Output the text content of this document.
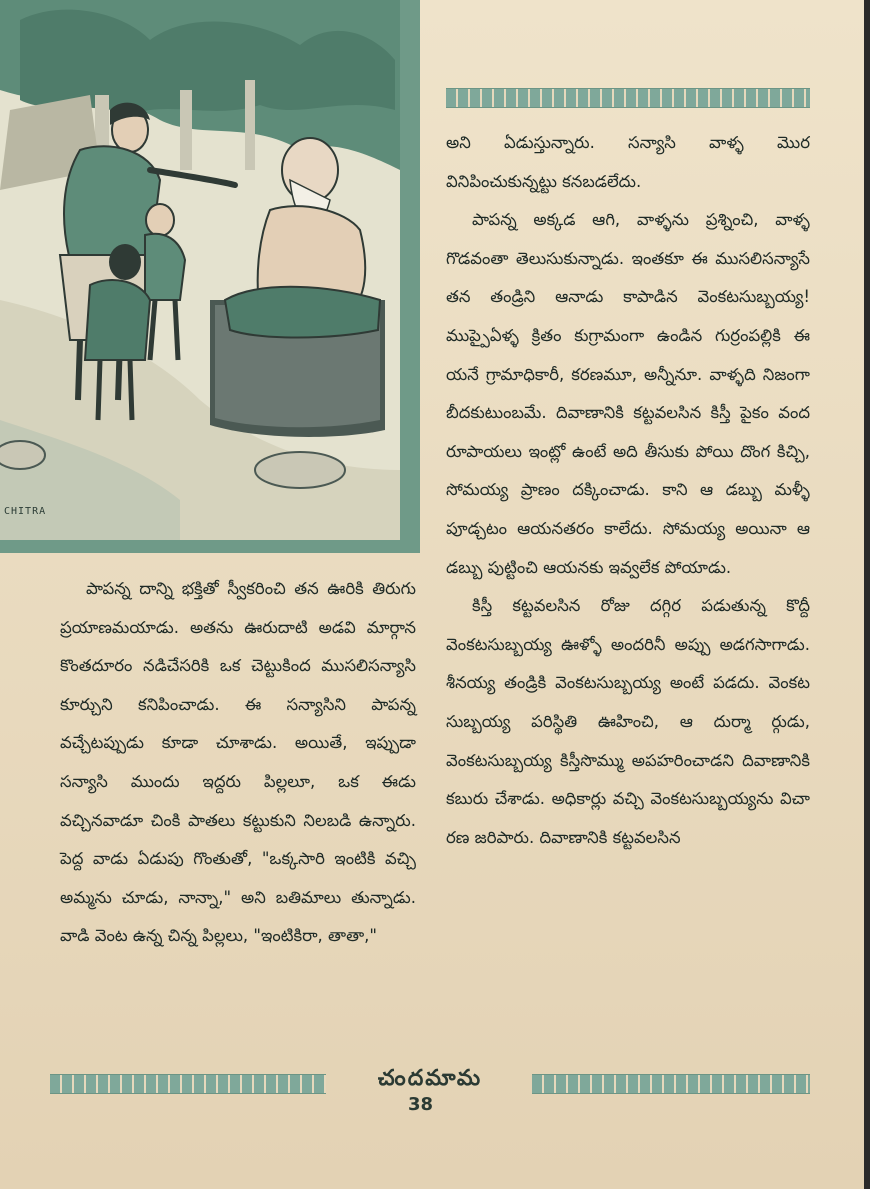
CHITRA

అని ఏడుస్తున్నారు. సన్యాసి వాళ్ళ మొర వినిపించుకున్నట్టు కనబడలేదు.

పాపన్న అక్కడ ఆగి, వాళ్ళను ప్రశ్నించి, వాళ్ళ గొడవంతా తెలుసుకున్నాడు. ఇంతకూ ఈ ముసలిసన్యాసే తన తండ్రిని ఆనాడు కాపాడిన వెంకటసుబ్బయ్య! ముప్పైఏళ్ళ క్రితం కుగ్రామంగా ఉండిన గుర్రంపల్లికి ఈ యనే గ్రామాధికారీ, కరణమూ, అన్నీనూ. వాళ్ళది నిజంగా బీదకుటుంబమే. దివాణానికి కట్టవలసిన కిస్తీ పైకం వంద రూపాయలు ఇంట్లో ఉంటే అది తీసుకు పోయి దొంగ కిచ్చి, సోమయ్య ప్రాణం దక్కించాడు. కాని ఆ డబ్బు మళ్ళీ పూడ్చటం ఆయనతరం కాలేదు. సోమయ్య అయినా ఆ డబ్బు పుట్టించి ఆయనకు ఇవ్వలేక పోయాడు.

కిస్తీ కట్టవలసిన రోజు దగ్గిర పడుతున్న కొద్దీ వెంకటసుబ్బయ్య ఊళ్ళో అందరినీ అప్పు అడగసాగాడు. శీనయ్య తండ్రికి వెంకటసుబ్బయ్య అంటే పడదు. వెంకట సుబ్బయ్య పరిస్థితి ఊహించి, ఆ దుర్మా ర్గుడు, వెంకటసుబ్బయ్య కిస్తీసొమ్ము అపహరించాడని దివాణానికి కబురు చేశాడు. అధికార్లు వచ్చి వెంకటసుబ్బయ్యను విచా రణ జరిపారు. దివాణానికి కట్టవలసిన

పాపన్న దాన్ని భక్తితో స్వీకరించి తన ఊరికి తిరుగు ప్రయాణమయాడు. అతను ఊరుదాటి అడవి మార్గాన కొంతదూరం నడిచేసరికి ఒక చెట్టుకింద ముసలిసన్యాసి కూర్చుని కనిపించాడు. ఈ సన్యాసిని పాపన్న వచ్చేటప్పుడు కూడా చూశాడు. అయితే, ఇప్పుడా సన్యాసి ముందు ఇద్దరు పిల్లలూ, ఒక ఈడు వచ్చినవాడూ చింకి పాతలు కట్టుకుని నిలబడి ఉన్నారు. పెద్ద వాడు ఏడుపు గొంతుతో, "ఒక్కసారి ఇంటికి వచ్చి అమ్మను చూడు, నాన్నా," అని బతిమాలు తున్నాడు. వాడి వెంట ఉన్న చిన్న పిల్లలు, "ఇంటికిరా, తాతా,"

చందమామ
38
